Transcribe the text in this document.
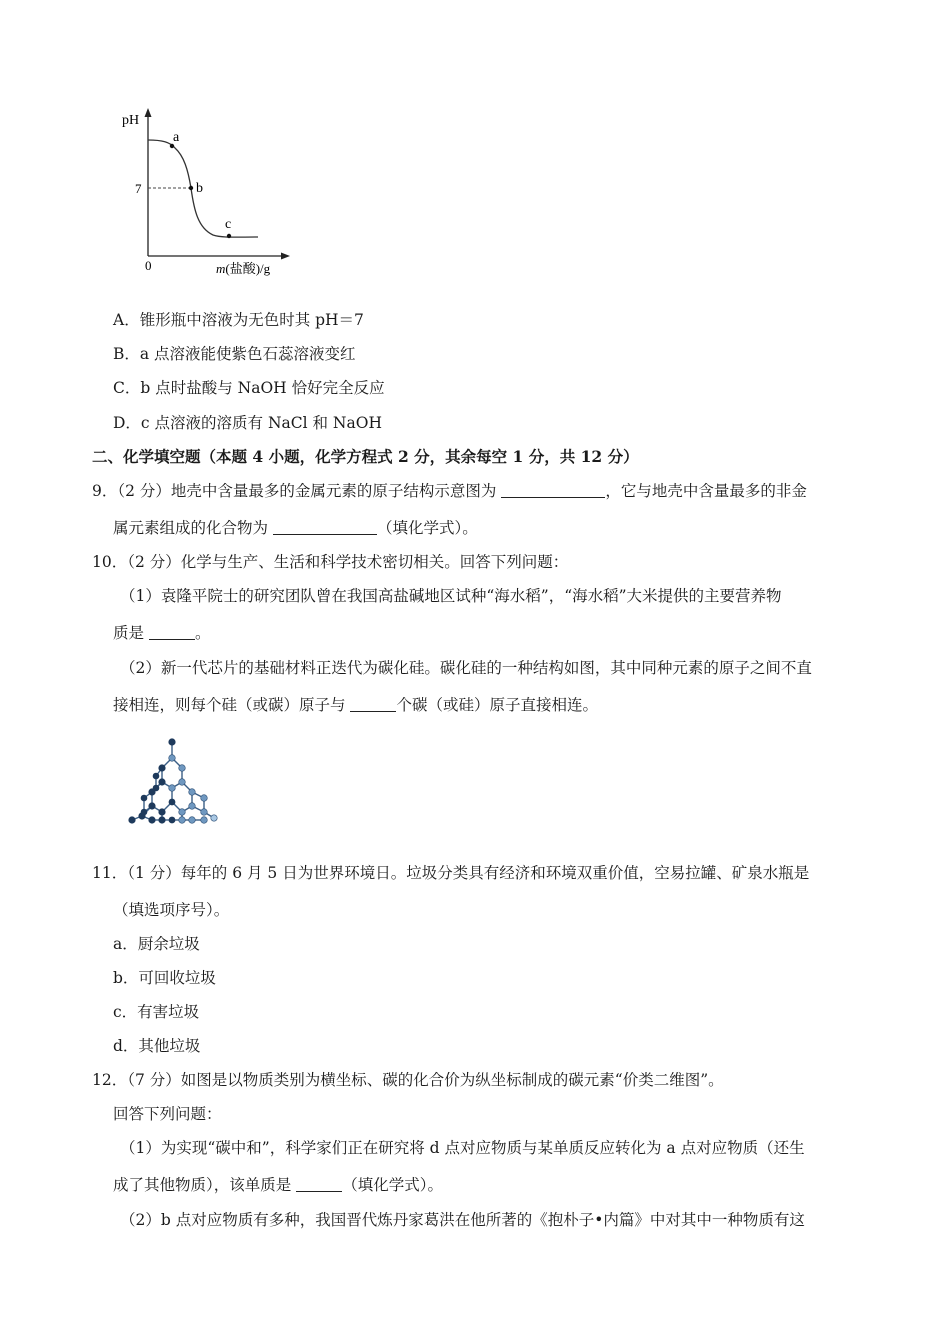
pH
7
0
a
b
c
m(盐酸)/g
A．锥形瓶中溶液为无色时其 pH＝7
B．a 点溶液能使紫色石蕊溶液变红
C．b 点时盐酸与 NaOH 恰好完全反应
D．c 点溶液的溶质有 NaCl 和 NaOH
二、化学填空题（本题 4 小题，化学方程式 2 分，其余每空 1 分，共 12 分）
9．（2 分）地壳中含量最多的金属元素的原子结构示意图为	，它与地壳中含量最多的非金
属元素组成的化合物为	（填化学式）。
10．（2 分）化学与生产、生活和科学技术密切相关。回答下列问题：
（1）袁隆平院士的研究团队曾在我国高盐碱地区试种“海水稻”，“海水稻”大米提供的主要营养物
质是	。
（2）新一代芯片的基础材料正迭代为碳化硅。碳化硅的一种结构如图，其中同种元素的原子之间不直
接相连，则每个硅（或碳）原子与	个碳（或硅）原子直接相连。
11．（1 分）每年的 6 月 5 日为世界环境日。垃圾分类具有经济和环境双重价值，空易拉罐、矿泉水瓶是
（填选项序号）。
a．厨余垃圾
b．可回收垃圾
c．有害垃圾
d．其他垃圾
12．（7 分）如图是以物质类别为横坐标、碳的化合价为纵坐标制成的碳元素“价类二维图”。
回答下列问题：
（1）为实现“碳中和”，科学家们正在研究将 d 点对应物质与某单质反应转化为 a 点对应物质（还生
成了其他物质），该单质是	（填化学式）。
（2）b 点对应物质有多种，我国晋代炼丹家葛洪在他所著的《抱朴子•内篇》中对其中一种物质有这
